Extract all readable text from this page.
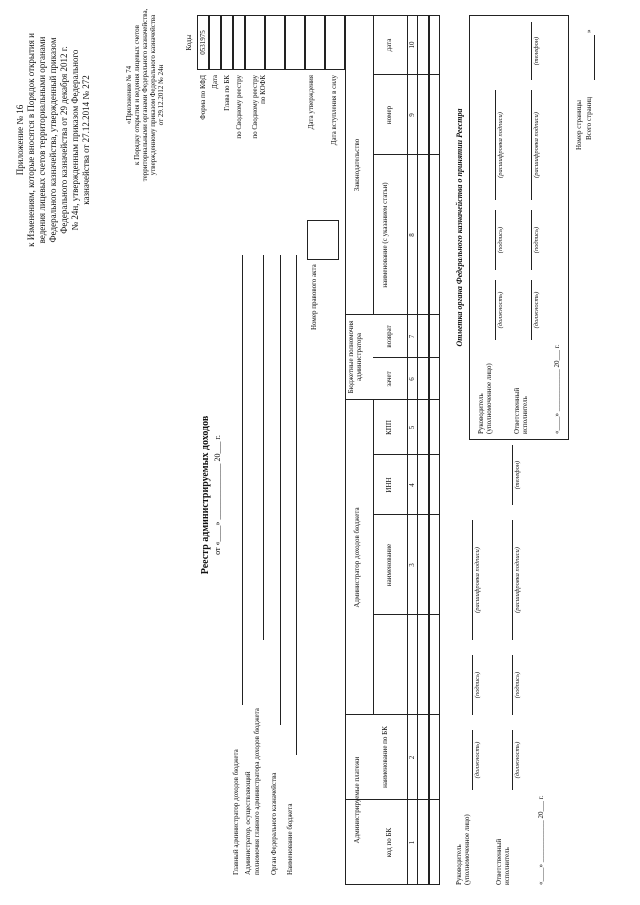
Приложение № 16 к Изменениям, которые вносятся в Порядок открытия и ведения лицевых счетов территориальными органами Федерального казначейства, утвержденный приказом Федерального казначейства от 29 декабря 2012 г. № 24н, утвержденным приказом Федерального казначейства от 27.12.2014 № 272	«Приложение № 74 к Порядку открытия и ведения лицевых счетов территориальными органами Федерального казначейства, утвержденному приказом Федерального казначейства от 29.12.2012 № 24н
Коды
Форма по КФД Дата Глава по БК по Сводному реестру по Сводному реестру
по КОФК	Дата утверждения Дата вступления в силу
0531975
Реестр администрируемых доходов от «____» ______________ 20___ г.
Главный администратор доходов бюджета Администратор, осуществляющий полномочия главного администратора доходов бюджета Орган Федерального казначейства Наименование бюджета
Номер правового акта
Администрируемые платежи
Администратор доходов бюджета
Бюджетные полномочия администратора
Законодательство
код по БК
наименование по БК
наименование
ИНН
КПП
зачет
возврат
наименование (с указанием статьи)
номер
дата
1
2
3
4
5
6
7
8
9
10
Руководитель
(уполномоченное лицо)
(должность)
(подпись)
(расшифровка подписи)
Ответственный
исполнитель
(должность)
(подпись)
(расшифровка подписи)
(телефон)
«____» ____________ 20___ г.
Отметка органа Федерального казначейства о принятии Реестра
Руководитель
(уполномоченное лицо)
(должность)
(подпись)
(расшифровка подписи)
Ответственный
исполнитель
(должность)
(подпись)
(расшифровка подписи)
(телефон)
«____» ____________ 20___ г.
Номер страницы Всего страниц
»
